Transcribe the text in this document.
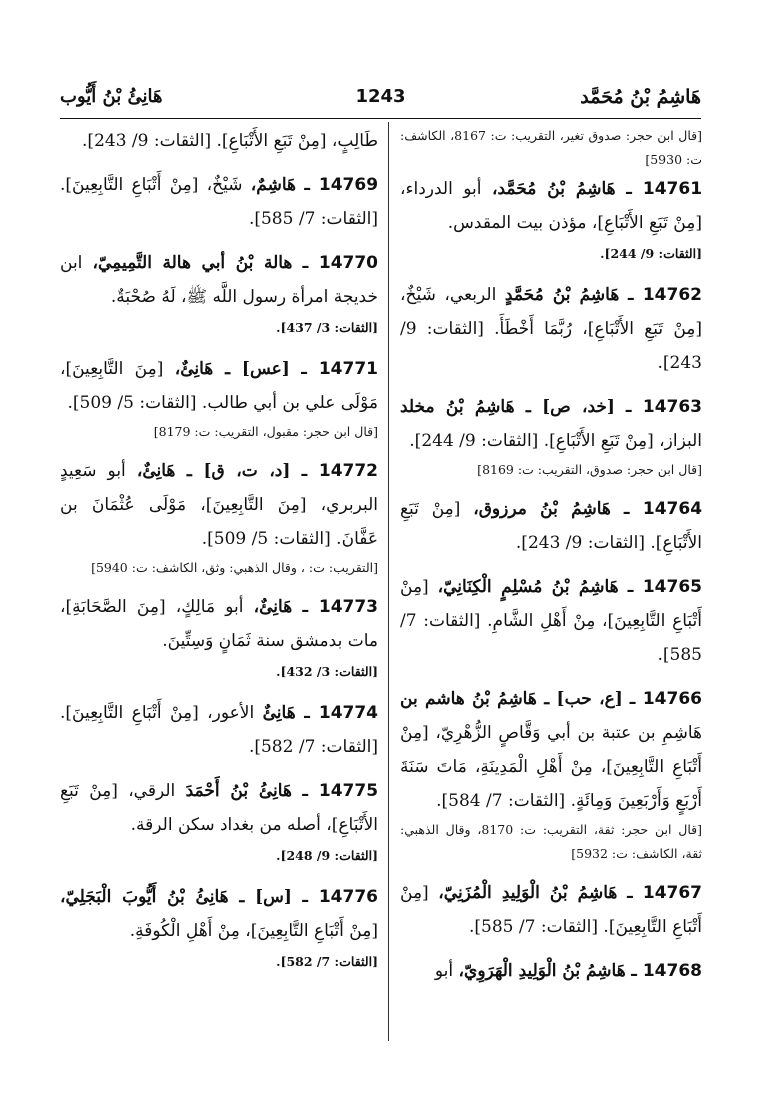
هَاشِمُ بْنُ مُحَمَّد
1243
هَانِئُ بْنُ أَيُّوب

[قال ابن حجر: صدوق تغير، التقريب: ت: 8167، الكاشف: ت: 5930]

14761 ـ هَاشِمُ بْنُ مُحَمَّد، أبو الدرداء، [مِنْ تَبَعِ الأَتْبَاعِ]، مؤذن بيت المقدس.

[الثقات: 9/ 244].

14762 ـ هَاشِمُ بْنُ مُحَمَّدٍ الربعي، شَيْخٌ، [مِنْ تَبَعِ الأَتْبَاعِ]، رُبَّمَا أَخْطَأَ. [الثقات: 9/ 243].

14763 ـ [خد، ص] ـ هَاشِمُ بْنُ مخلد البزاز، [مِنْ تَبَعِ الأَتْبَاعِ]. [الثقات: 9/ 244].

[قال ابن حجر: صدوق، التقريب: ت: 8169]

14764 ـ هَاشِمُ بْنُ مرزوق، [مِنْ تَبَعِ الأَتْبَاعِ]. [الثقات: 9/ 243].

14765 ـ هَاشِمُ بْنُ مُسْلِمٍ الْكِنَانِيّ، [مِنْ أَتْبَاعِ التَّابِعِينَ]، مِنْ أَهْلِ الشَّامِ. [الثقات: 7/ 585].

14766 ـ [ع، حب] ـ هَاشِمُ بْنُ هاشم بن هَاشِمِ بن عتبة بن أبي وَقَّاصٍ الزُّهْرِيّ، [مِنْ أَتْبَاعِ التَّابِعِينَ]، مِنْ أَهْلِ الْمَدِينَةِ، مَاتَ سَنَةَ أَرْبَعٍ وَأَرْبَعِينَ وَمِائَةٍ. [الثقات: 7/ 584].

[قال ابن حجر: ثقة، التقريب: ت: 8170، وقال الذهبي: ثقة، الكاشف: ت: 5932]

14767 ـ هَاشِمُ بْنُ الْوَلِيدِ الْمُزَنِيّ، [مِنْ أَتْبَاعِ التَّابِعِينَ]. [الثقات: 7/ 585].

14768 ـ هَاشِمُ بْنُ الْوَلِيدِ الْهَرَوِيّ، أبو

طَالِبٍ، [مِنْ تَبَعِ الأَتْبَاعِ]. [الثقات: 9/ 243].

14769 ـ هَاشِمٌ، شَيْخٌ، [مِنْ أَتْبَاعِ التَّابِعِينَ]. [الثقات: 7/ 585].

14770 ـ هالة بْنُ أبي هالة التَّمِيمِيّ، ابن خديجة امرأة رسول اللَّه ﷺ، لَهُ صُحْبَةٌ.

[الثقات: 3/ 437].

14771 ـ [عس] ـ هَانِئٌ، [مِنَ التَّابِعِينَ]، مَوْلَى علي بن أبي طالب. [الثقات: 5/ 509].

[قال ابن حجر: مقبول، التقريب: ت: 8179]

14772 ـ [د، ت، ق] ـ هَانِئٌ، أبو سَعِيدٍ البربري، [مِنَ التَّابِعِينَ]، مَوْلَى عُثْمَانَ بن عَفَّانَ. [الثقات: 5/ 509].

[التقريب: ت: ، وقال الذهبي: وثق، الكاشف: ت: 5940]

14773 ـ هَانِئٌ، أبو مَالِكٍ، [مِنَ الصَّحَابَةِ]، مات بدمشق سنة ثَمَانٍ وَسِتِّينَ.

[الثقات: 3/ 432].

14774 ـ هَانِئٌ الأعور، [مِنْ أَتْبَاعِ التَّابِعِينَ]. [الثقات: 7/ 582].

14775 ـ هَانِئُ بْنُ أَحْمَدَ الرقي، [مِنْ تَبَعِ الأَتْبَاعِ]، أصله من بغداد سكن الرقة.

[الثقات: 9/ 248].

14776 ـ [س] ـ هَانِئُ بْنُ أَيُّوبَ الْبَجَلِيّ، [مِنْ أَتْبَاعِ التَّابِعِينَ]، مِنْ أَهْلِ الْكُوفَةِ.

[الثقات: 7/ 582].
